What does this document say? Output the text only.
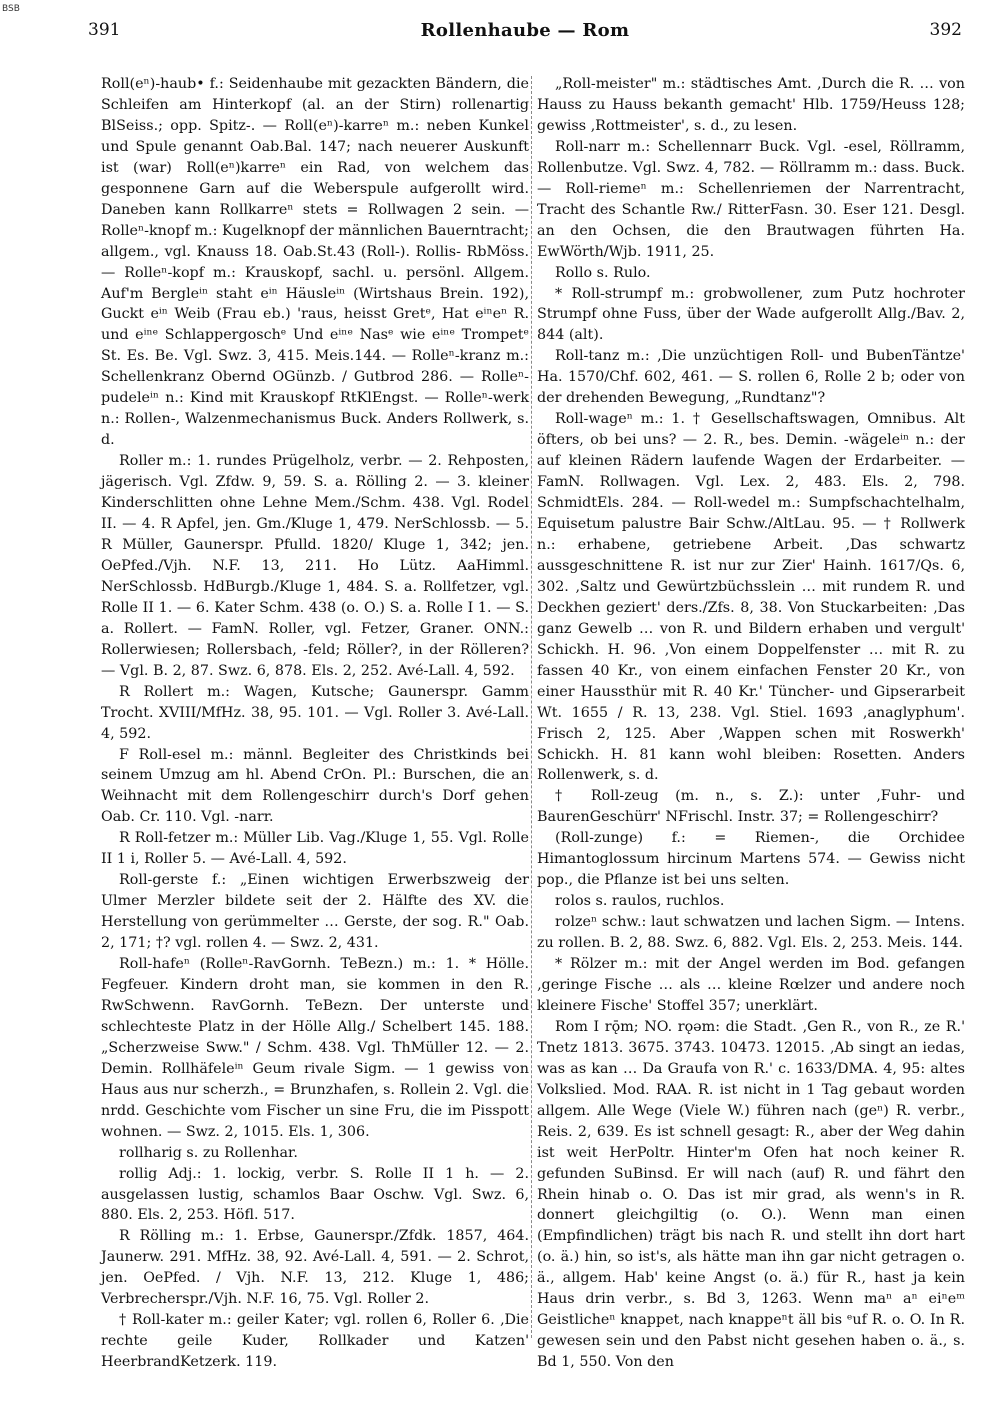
BSB
391	Rollenhaube — Rom	392

Roll(eⁿ)-haub• f.: Seidenhaube mit gezackten Bändern, die Schleifen am Hinterkopf (al. an der Stirn) rollenartig BlSeiss.; opp. Spitz-. — Roll(eⁿ)-karreⁿ m.: neben Kunkel und Spule genannt Oab.Bal. 147; nach neuerer Auskunft ist (war) Roll(eⁿ)karreⁿ ein Rad, von welchem das gesponnene Garn auf die Weberspule aufgerollt wird. Daneben kann Rollkarreⁿ stets = Rollwagen 2 sein. — Rolleⁿ-knopf m.: Kugelknopf der männlichen Bauerntracht; allgem., vgl. Knauss 18. Oab.St.43 (Roll-). Rollis- RbMöss. — Rolleⁿ-kopf m.: Krauskopf, sachl. u. persönl. Allgem. Auf'm Bergleⁱⁿ staht eⁱⁿ Häusleⁱⁿ (Wirtshaus Brein. 192), Guckt eⁱⁿ Weib (Frau eb.) 'raus, heisst Gretᵉ, Hat eⁱⁿeⁿ R. und eⁱⁿᵉ Schlappergoschᵉ Und eⁱⁿᵉ Nasᵉ wie eⁱⁿᵉ Trompetᵉ St. Es. Be. Vgl. Swz. 3, 415. Meis.144. — Rolleⁿ-kranz m.: Schellenkranz Obernd OGünzb. / Gutbrod 286. — Rolleⁿ-pudeleⁱⁿ n.: Kind mit Krauskopf RtKlEngst. — Rolleⁿ-werk n.: Rollen-, Walzenmechanismus Buck. Anders Rollwerk, s. d.

Roller m.: 1. rundes Prügelholz, verbr. — 2. Rehposten, jägerisch. Vgl. Zfdw. 9, 59. S. a. Rölling 2. — 3. kleiner Kinderschlitten ohne Lehne Mem./Schm. 438. Vgl. Rodel II. — 4. R Apfel, jen. Gm./Kluge 1, 479. NerSchlossb. — 5. R Müller, Gaunerspr. Pfulld. 1820/ Kluge 1, 342; jen. OePfed./Vjh. N.F. 13, 211. Ho Lütz. AaHimml. NerSchlossb. HdBurgb./Kluge 1, 484. S. a. Rollfetzer, vgl. Rolle II 1. — 6. Kater Schm. 438 (o. O.) S. a. Rolle I 1. — S. a. Rollert. — FamN. Roller, vgl. Fetzer, Graner. ONN.: Rollerwiesen; Rollersbach, -feld; Röller?, in der Rölleren? — Vgl. B. 2, 87. Swz. 6, 878. Els. 2, 252. Avé-Lall. 4, 592.

R Rollert m.: Wagen, Kutsche; Gaunerspr. Gamm Trocht. XVIII/MfHz. 38, 95. 101. — Vgl. Roller 3. Avé-Lall. 4, 592.

F Roll-esel m.: männl. Begleiter des Christkinds bei seinem Umzug am hl. Abend CrOn. Pl.: Burschen, die an Weihnacht mit dem Rollengeschirr durch's Dorf gehen Oab. Cr. 110. Vgl. -narr.

R Roll-fetzer m.: Müller Lib. Vag./Kluge 1, 55. Vgl. Rolle II 1 i, Roller 5. — Avé-Lall. 4, 592.

Roll-gerste f.: „Einen wichtigen Erwerbszweig der Ulmer Merzler bildete seit der 2. Hälfte des XV. die Herstellung von gerümmelter … Gerste, der sog. R." Oab. 2, 171; †? vgl. rollen 4. — Swz. 2, 431.

Roll-hafeⁿ (Rolleⁿ-RavGornh. TeBezn.) m.: 1. * Hölle. Fegfeuer. Kindern droht man, sie kommen in den R. RwSchwenn. RavGornh. TeBezn. Der unterste und schlechteste Platz in der Hölle Allg./ Schelbert 145. 188. „Scherzweise Sww." / Schm. 438. Vgl. ThMüller 12. — 2. Demin. Rollhäfeleⁱⁿ Geum rivale Sigm. — 1 gewiss von Haus aus nur scherzh., = Brunzhafen, s. Rollein 2. Vgl. die nrdd. Geschichte vom Fischer un sine Fru, die im Pisspott wohnen. — Swz. 2, 1015. Els. 1, 306.

rollharig s. zu Rollenhar.

rollig Adj.: 1. lockig, verbr. S. Rolle II 1 h. — 2. ausgelassen lustig, schamlos Baar Oschw. Vgl. Swz. 6, 880. Els. 2, 253. Höfl. 517.

R Rölling m.: 1. Erbse, Gaunerspr./Zfdk. 1857, 464. Jaunerw. 291. MfHz. 38, 92. Avé-Lall. 4, 591. — 2. Schrot, jen. OePfed. / Vjh. N.F. 13, 212. Kluge 1, 486; Verbrecherspr./Vjh. N.F. 16, 75. Vgl. Roller 2.

† Roll-kater m.: geiler Kater; vgl. rollen 6, Roller 6. ‚Die rechte geile Kuder, Rollkader und Katzen' HeerbrandKetzerk. 119.

„Roll-meister" m.: städtisches Amt. ‚Durch die R. … von Hauss zu Hauss bekanth gemacht' Hlb. 1759/Heuss 128; gewiss ‚Rottmeister', s. d., zu lesen.

Roll-narr m.: Schellennarr Buck. Vgl. -esel, Röllramm, Rollenbutze. Vgl. Swz. 4, 782. — Röllramm m.: dass. Buck. — Roll-riemeⁿ m.: Schellenriemen der Narrentracht, Tracht des Schantle Rw./ RitterFasn. 30. Eser 121. Desgl. an den Ochsen, die den Brautwagen führten Ha. EwWörth/Wjb. 1911, 25.

Rollo s. Rulo.

* Roll-strumpf m.: grobwollener, zum Putz hochroter Strumpf ohne Fuss, über der Wade aufgerollt Allg./Bav. 2, 844 (alt).

Roll-tanz m.: ‚Die unzüchtigen Roll- und BubenTäntze' Ha. 1570/Chf. 602, 461. — S. rollen 6, Rolle 2 b; oder von der drehenden Bewegung, „Rundtanz"?

Roll-wageⁿ m.: 1. † Gesellschaftswagen, Omnibus. Alt öfters, ob bei uns? — 2. R., bes. Demin. -wägeleⁱⁿ n.: der auf kleinen Rädern laufende Wagen der Erdarbeiter. — FamN. Rollwagen. Vgl. Lex. 2, 483. Els. 2, 798. SchmidtEls. 284. — Roll-wedel m.: Sumpfschachtelhalm, Equisetum palustre Bair Schw./AltLau. 95. — † Rollwerk n.: erhabene, getriebene Arbeit. ‚Das schwartz aussgeschnittene R. ist nur zur Zier' Hainh. 1617/Qs. 6, 302. ‚Saltz und Gewürtzbüchsslein … mit rundem R. und Deckhen geziert' ders./Zfs. 8, 38. Von Stuckarbeiten: ‚Das ganz Gewelb … von R. und Bildern erhaben und vergult' Schickh. H. 96. ‚Von einem Doppelfenster … mit R. zu fassen 40 Kr., von einem einfachen Fenster 20 Kr., von einer Haussthür mit R. 40 Kr.' Tüncher- und Gipserarbeit Wt. 1655 / R. 13, 238. Vgl. Stiel. 1693 ‚anaglyphum'. Frisch 2, 125. Aber ‚Wappen schen mit Roswerkh' Schickh. H. 81 kann wohl bleiben: Rosetten. Anders Rollenwerk, s. d.

† Roll-zeug (m. n., s. Z.): unter ‚Fuhr- und BaurenGeschürr' NFrischl. Instr. 37; = Rollengeschirr?

(Roll-zunge) f.: = Riemen-, die Orchidee Himantoglossum hircinum Martens 574. — Gewiss nicht pop., die Pflanze ist bei uns selten.

rolos s. raulos, ruchlos.

rolzeⁿ schw.: laut schwatzen und lachen Sigm. — Intens. zu rollen. B. 2, 88. Swz. 6, 882. Vgl. Els. 2, 253. Meis. 144.

* Rölzer m.: mit der Angel werden im Bod. gefangen ‚geringe Fische … als … kleine Rœlzer und andere noch kleinere Fische' Stoffel 357; unerklärt.

Rom I rǭm; NO. rǫəm: die Stadt. ‚Gen R., von R., ze R.' Tnetz 1813. 3675. 3743. 10473. 12015. ‚Ab singt an iedas, was as kan … Da Graufa von R.' c. 1633/DMA. 4, 95: altes Volkslied. Mod. RAA. R. ist nicht in 1 Tag gebaut worden allgem. Alle Wege (Viele W.) führen nach (geⁿ) R. verbr., Reis. 2, 639. Es ist schnell gesagt: R., aber der Weg dahin ist weit HerPoltr. Hinter'm Ofen hat noch keiner R. gefunden SuBinsd. Er will nach (auf) R. und fährt den Rhein hinab o. O. Das ist mir grad, als wenn's in R. donnert gleichgiltig (o. O.). Wenn man einen (Empfindlichen) trägt bis nach R. und stellt ihn dort hart (o. ä.) hin, so ist's, als hätte man ihn gar nicht getragen o. ä., allgem. Hab' keine Angst (o. ä.) für R., hast ja kein Haus drin verbr., s. Bd 3, 1263. Wenn maⁿ aⁿ eiⁿeᵐ Geistlicheⁿ knappet, nach knappeⁿt äll bis ᵉuf R. o. O. In R. gewesen sein und den Pabst nicht gesehen haben o. ä., s. Bd 1, 550. Von den
